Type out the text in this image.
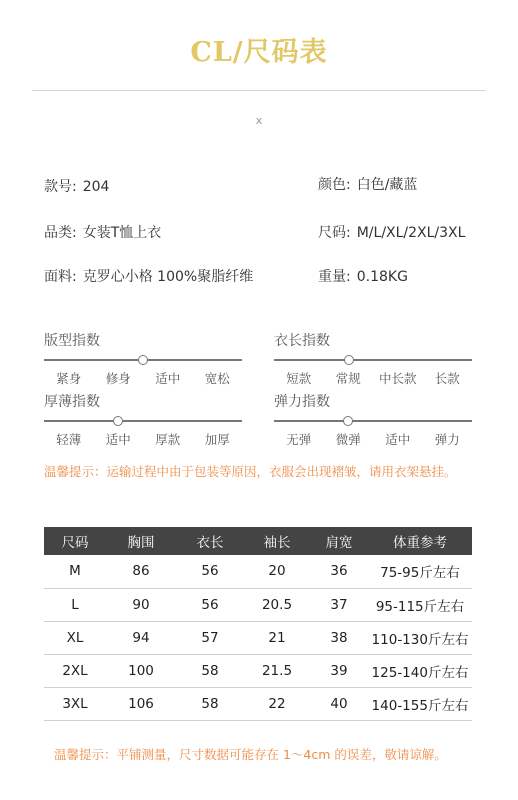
CL/尺码表
x
款号 : 204	颜色 : 白色/藏蓝
品类 : 女装T恤上衣	尺码 : M/L/XL/2XL/3XL
面料 : 克罗心小格 100%聚脂纤维	重量 : 0.18KG
版型指数
紧身	修身	适中	宽松
衣长指数
短款	常规	中长款	长款
厚薄指数
轻薄	适中	厚款	加厚
弹力指数
无弹	微弹	适中	弹力
温馨提示：运输过程中由于包装等原因，衣服会出现褶皱，请用衣架悬挂。
尺码	胸围	衣长	袖长	肩宽	体重参考
M	86	56	20	36	75-95斤左右
L	90	56	20.5	37	95-115斤左右
XL	94	57	21	38	110-130斤左右
2XL	100	58	21.5	39	125-140斤左右
3XL	106	58	22	40	140-155斤左右
温馨提示：平铺测量，尺寸数据可能存在 1～4cm 的误差，敬请谅解。
